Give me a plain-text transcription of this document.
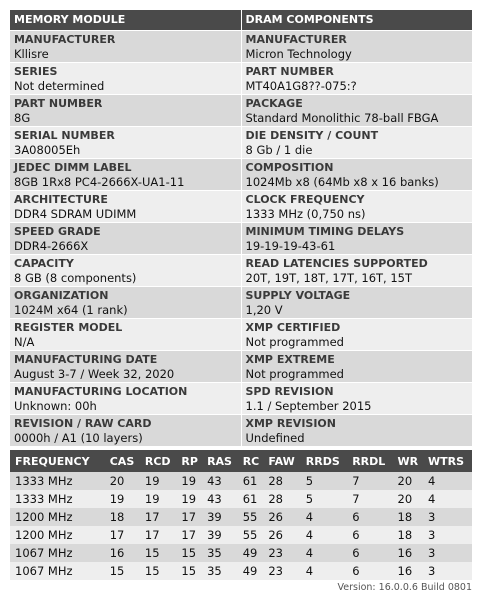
MEMORY MODULE
MANUFACTURER
Kllisre
SERIES
Not determined
PART NUMBER
8G
SERIAL NUMBER
3A08005Eh
JEDEC DIMM LABEL
8GB 1Rx8 PC4-2666X-UA1-11
ARCHITECTURE
DDR4 SDRAM UDIMM
SPEED GRADE
DDR4-2666X
CAPACITY
8 GB (8 components)
ORGANIZATION
1024M x64 (1 rank)
REGISTER MODEL
N/A
MANUFACTURING DATE
August 3-7 / Week 32, 2020
MANUFACTURING LOCATION
Unknown: 00h
REVISION / RAW CARD
0000h / A1 (10 layers)
DRAM COMPONENTS
MANUFACTURER
Micron Technology
PART NUMBER
MT40A1G8??-075:?
PACKAGE
Standard Monolithic 78-ball FBGA
DIE DENSITY / COUNT
8 Gb / 1 die
COMPOSITION
1024Mb x8 (64Mb x8 x 16 banks)
CLOCK FREQUENCY
1333 MHz (0,750 ns)
MINIMUM TIMING DELAYS
19-19-19-43-61
READ LATENCIES SUPPORTED
20T, 19T, 18T, 17T, 16T, 15T
SUPPLY VOLTAGE
1,20 V
XMP CERTIFIED
Not programmed
XMP EXTREME
Not programmed
SPD REVISION
1.1 / September 2015
XMP REVISION
Undefined
FREQUENCY	CAS	RCD	RP	RAS	RC	FAW	RRDS	RRDL	WR	WTRS
1333 MHz	20	19	19	43	61	28	5	7	20	4
1333 MHz	19	19	19	43	61	28	5	7	20	4
1200 MHz	18	17	17	39	55	26	4	6	18	3
1200 MHz	17	17	17	39	55	26	4	6	18	3
1067 MHz	16	15	15	35	49	23	4	6	16	3
1067 MHz	15	15	15	35	49	23	4	6	16	3
Version: 16.0.0.6 Build 0801
